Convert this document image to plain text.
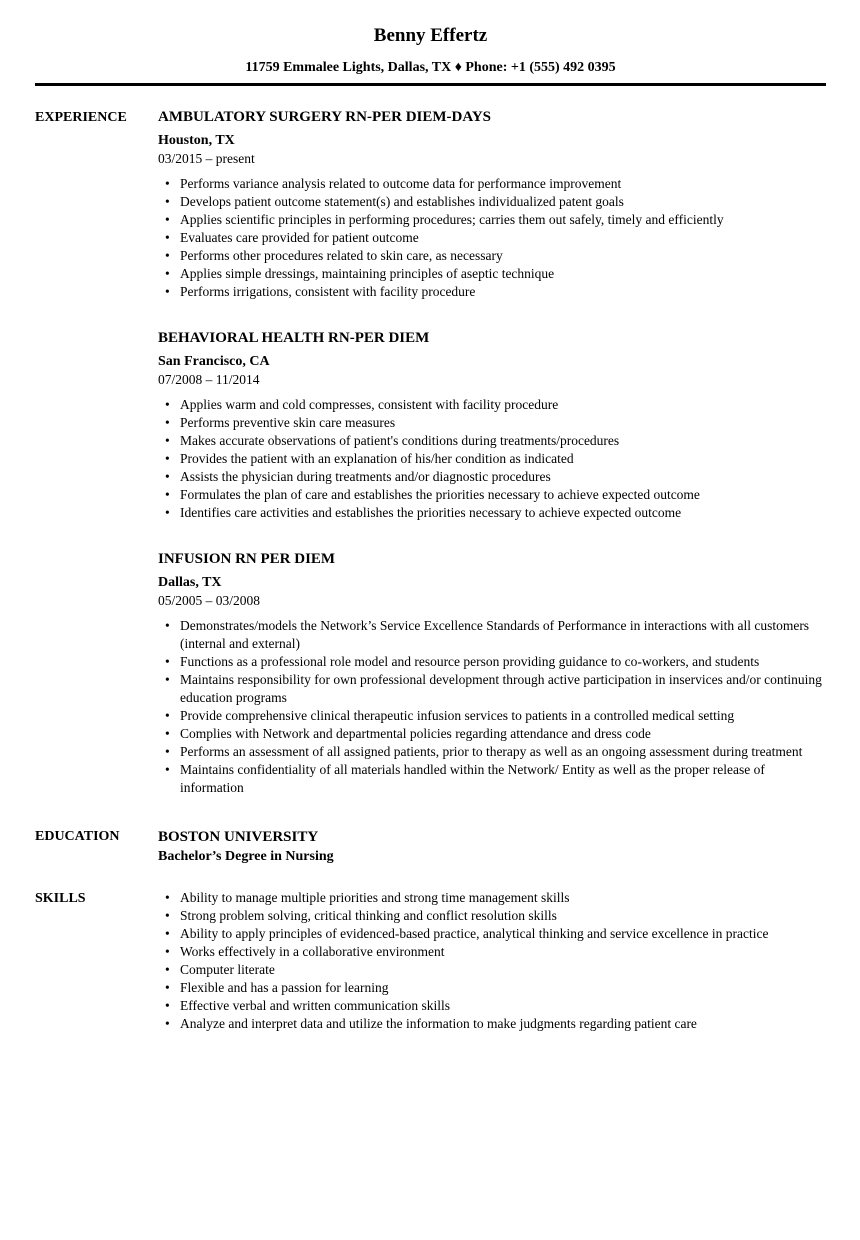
Benny Effertz
11759 Emmalee Lights, Dallas, TX ♦ Phone: +1 (555) 492 0395
EXPERIENCE	AMBULATORY SURGERY RN-PER DIEM-DAYS
Houston, TX
03/2015 – present
• Performs variance analysis related to outcome data for performance improvement
• Develops patient outcome statement(s) and establishes individualized patent goals
• Applies scientific principles in performing procedures; carries them out safely, timely and efficiently
• Evaluates care provided for patient outcome
• Performs other procedures related to skin care, as necessary
• Applies simple dressings, maintaining principles of aseptic technique
• Performs irrigations, consistent with facility procedure
BEHAVIORAL HEALTH RN-PER DIEM
San Francisco, CA
07/2008 – 11/2014
• Applies warm and cold compresses, consistent with facility procedure
• Performs preventive skin care measures
• Makes accurate observations of patient's conditions during treatments/procedures
• Provides the patient with an explanation of his/her condition as indicated
• Assists the physician during treatments and/or diagnostic procedures
• Formulates the plan of care and establishes the priorities necessary to achieve expected outcome
• Identifies care activities and establishes the priorities necessary to achieve expected outcome
INFUSION RN PER DIEM
Dallas, TX
05/2005 – 03/2008
• Demonstrates/models the Network’s Service Excellence Standards of Performance in interactions with all customers (internal and external)
• Functions as a professional role model and resource person providing guidance to co-workers, and students
• Maintains responsibility for own professional development through active participation in inservices and/or continuing education programs
• Provide comprehensive clinical therapeutic infusion services to patients in a controlled medical setting
• Complies with Network and departmental policies regarding attendance and dress code
• Performs an assessment of all assigned patients, prior to therapy as well as an ongoing assessment during treatment
• Maintains confidentiality of all materials handled within the Network/ Entity as well as the proper release of information
EDUCATION	BOSTON UNIVERSITY
Bachelor’s Degree in Nursing
SKILLS	• Ability to manage multiple priorities and strong time management skills
• Strong problem solving, critical thinking and conflict resolution skills
• Ability to apply principles of evidenced-based practice, analytical thinking and service excellence in practice
• Works effectively in a collaborative environment
• Computer literate
• Flexible and has a passion for learning
• Effective verbal and written communication skills
• Analyze and interpret data and utilize the information to make judgments regarding patient care
